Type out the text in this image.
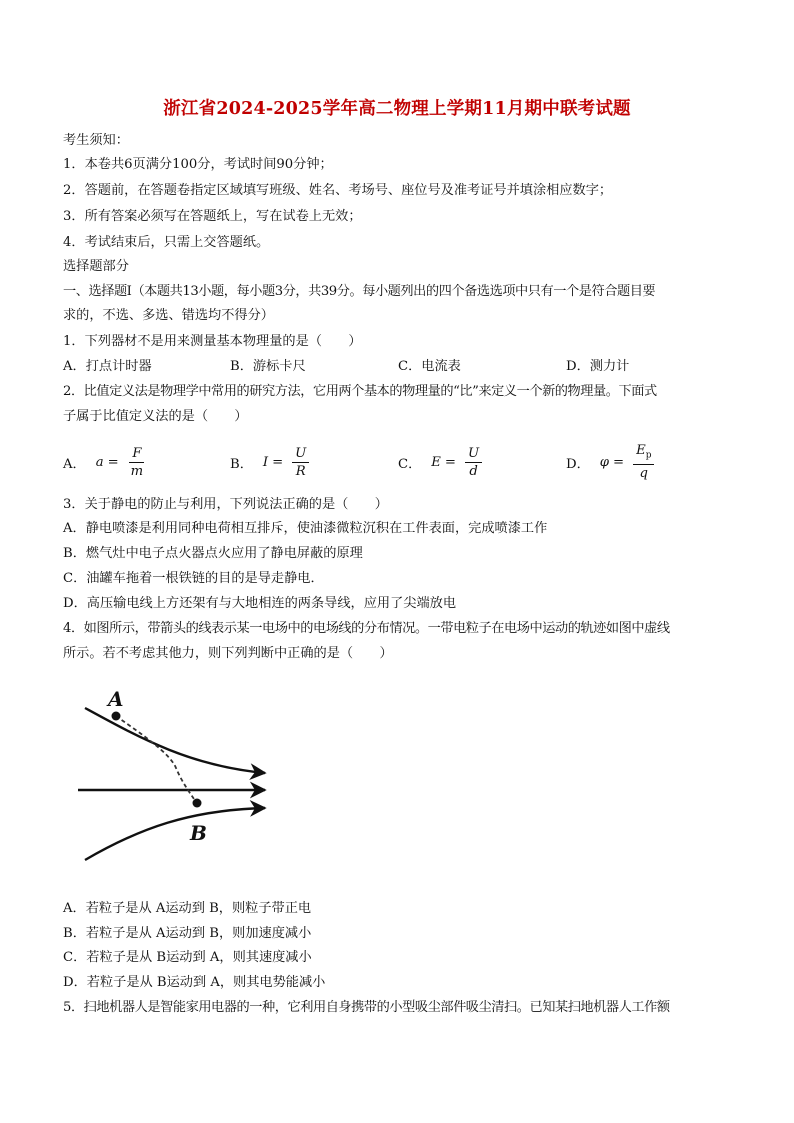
浙江省2024-2025学年高二物理上学期11月期中联考试题
考生须知：
1．本卷共6页满分100分，考试时间90分钟；
2．答题前，在答题卷指定区域填写班级、姓名、考场号、座位号及准考证号并填涂相应数字；
3．所有答案必须写在答题纸上，写在试卷上无效；
4．考试结束后，只需上交答题纸。
选择题部分
一、选择题Ⅰ（本题共13小题，每小题3分，共39分。每小题列出的四个备选选项中只有一个是符合题目要
求的，不选、多选、错选均不得分）
1．下列器材不是用来测量基本物理量的是（　　）
A．打点计时器	B．游标卡尺	C．电流表	D．测力计
2．比值定义法是物理学中常用的研究方法，它用两个基本的物理量的“比”来定义一个新的物理量。下面式
子属于比值定义法的是（　　）
A． $a = \frac{F}{m}$	B． $I = \frac{U}{R}$	C． $E = \frac{U}{d}$	D． $\varphi = \frac{E_p}{q}$
3．关于静电的防止与利用，下列说法正确的是（　　）
A．静电喷漆是利用同种电荷相互排斥，使油漆微粒沉积在工件表面，完成喷漆工作
B．燃气灶中电子点火器点火应用了静电屏蔽的原理
C．油罐车拖着一根铁链的目的是导走静电．
D．高压输电线上方还架有与大地相连的两条导线，应用了尖端放电
4．如图所示，带箭头的线表示某一电场中的电场线的分布情况。一带电粒子在电场中运动的轨迹如图中虚线
所示。若不考虑其他力，则下列判断中正确的是（　　）
A
B
A．若粒子是从 A运动到 B，则粒子带正电
B．若粒子是从 A运动到 B，则加速度减小
C．若粒子是从 B运动到 A，则其速度减小
D．若粒子是从 B运动到 A，则其电势能减小
5．扫地机器人是智能家用电器的一种，它利用自身携带的小型吸尘部件吸尘清扫。已知某扫地机器人工作额
